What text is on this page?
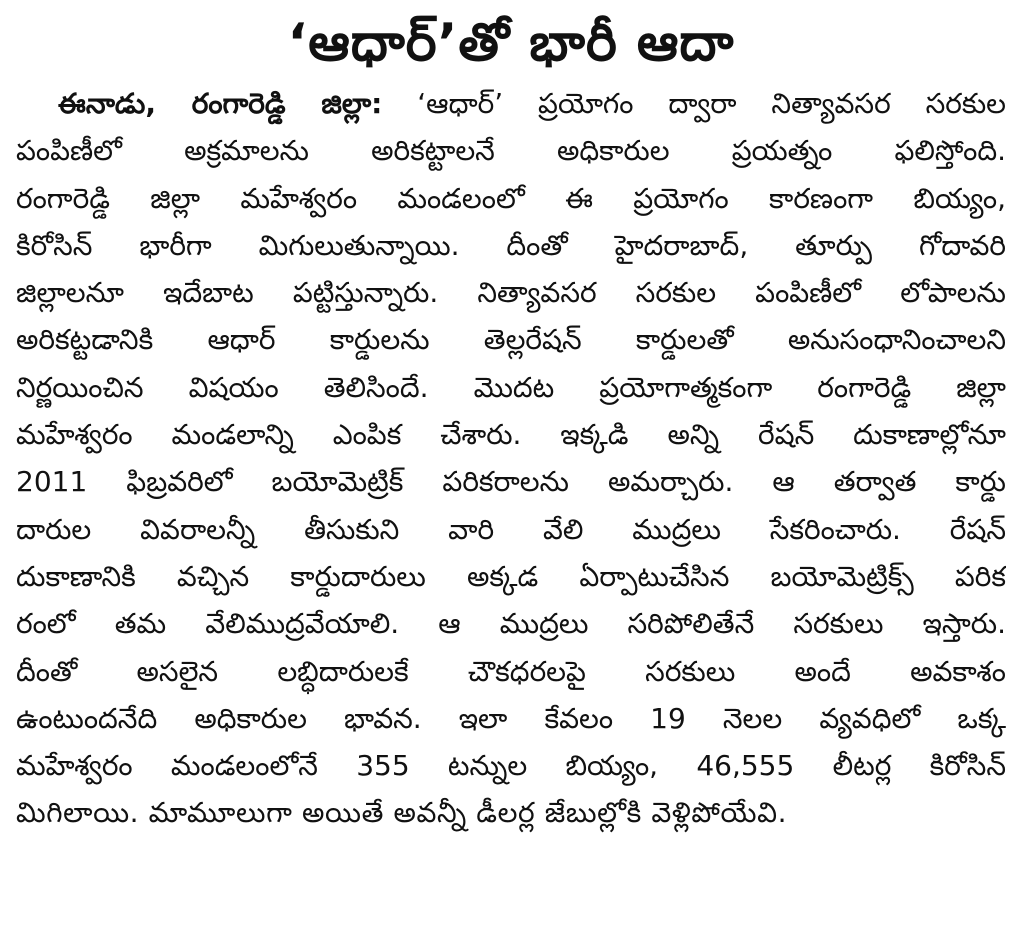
‘ఆధార్’తో భారీ ఆదా
ఈనాడు, రంగారెడ్డి జిల్లా: ‘ఆధార్’ ప్రయోగం ద్వారా నిత్యావసర సరకుల
పంపిణీలో అక్రమాలను అరికట్టాలనే అధికారుల ప్రయత్నం ఫలిస్తోంది.
రంగారెడ్డి జిల్లా మహేశ్వరం మండలంలో ఈ ప్రయోగం కారణంగా బియ్యం,
కిరోసిన్ భారీగా మిగులుతున్నాయి. దీంతో హైదరాబాద్, తూర్పు గోదావరి
జిల్లాలనూ ఇదేబాట పట్టిస్తున్నారు. నిత్యావసర సరకుల పంపిణీలో లోపాలను
అరికట్టడానికి ఆధార్ కార్డులను తెల్లరేషన్ కార్డులతో అనుసంధానించాలని
నిర్ణయించిన విషయం తెలిసిందే. మొదట ప్రయోగాత్మకంగా రంగారెడ్డి జిల్లా
మహేశ్వరం మండలాన్ని ఎంపిక చేశారు. ఇక్కడి అన్ని రేషన్ దుకాణాల్లోనూ
2011 ఫిబ్రవరిలో బయోమెట్రిక్ పరికరాలను అమర్చారు. ఆ తర్వాత కార్డు
దారుల వివరాలన్నీ తీసుకుని వారి వేలి ముద్రలు సేకరించారు. రేషన్
దుకాణానికి వచ్చిన కార్డుదారులు అక్కడ ఏర్పాటుచేసిన బయోమెట్రిక్స్ పరిక
రంలో తమ వేలిముద్రవేయాలి. ఆ ముద్రలు సరిపోలితేనే సరకులు ఇస్తారు.
దీంతో అసలైన లబ్ధిదారులకే చౌకధరలపై సరకులు అందే అవకాశం
ఉంటుందనేది అధికారుల భావన. ఇలా కేవలం 19 నెలల వ్యవధిలో ఒక్క
మహేశ్వరం మండలంలోనే 355 టన్నుల బియ్యం, 46,555 లీటర్ల కిరోసిన్
మిగిలాయి. మామూలుగా అయితే అవన్నీ డీలర్ల జేబుల్లోకి వెళ్లిపోయేవి.
